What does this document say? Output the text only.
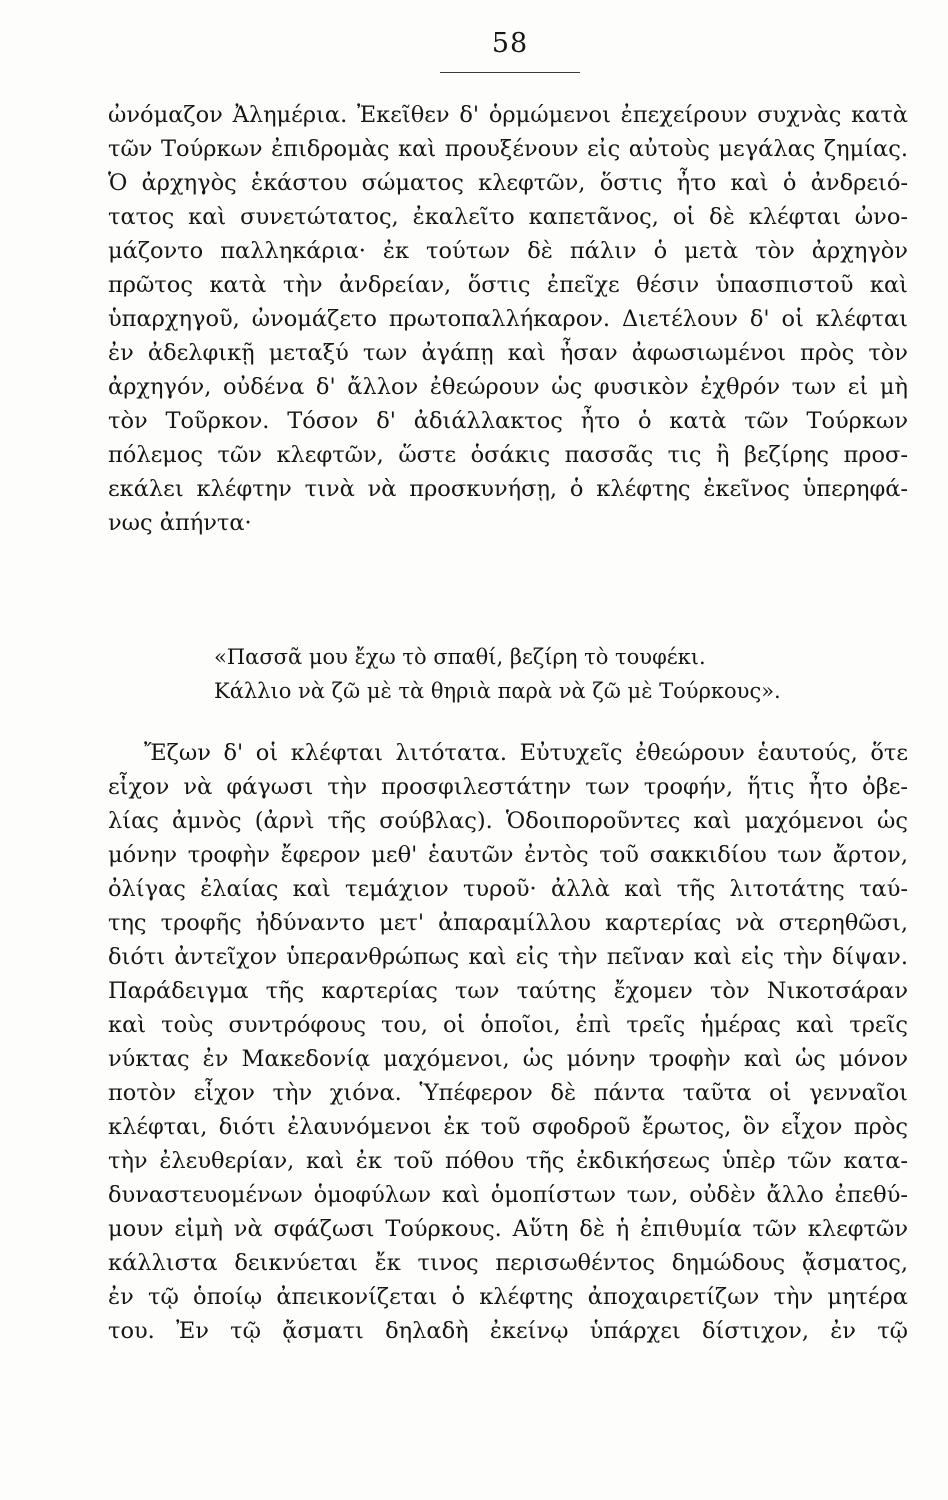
58
ὠνόμαζον Ἀλημέρια. Ἐκεῖθεν δ' ὁρμώμενοι ἐπεχείρουν συχνὰς κατὰ
τῶν Τούρκων ἐπιδρομὰς καὶ προυξένουν εἰς αὐτοὺς μεγάλας ζημίας.
Ὁ ἀρχηγὸς ἑκάστου σώματος κλεφτῶν, ὅστις ἦτο καὶ ὁ ἀνδρειό-
τατος καὶ συνετώτατος, ἐκαλεῖτο καπετᾶνος, οἱ δὲ κλέφται ὠνο-
μάζοντο παλληκάρια· ἐκ τούτων δὲ πάλιν ὁ μετὰ τὸν ἀρχηγὸν
πρῶτος κατὰ τὴν ἀνδρείαν, ὅστις ἐπεῖχε θέσιν ὑπασπιστοῦ καὶ
ὑπαρχηγοῦ, ὠνομάζετο πρωτοπαλλήκαρον. Διετέλουν δ' οἱ κλέφται
ἐν ἀδελφικῇ μεταξύ των ἀγάπῃ καὶ ἦσαν ἀφωσιωμένοι πρὸς τὸν
ἀρχηγόν, οὐδένα δ' ἄλλον ἐθεώρουν ὡς φυσικὸν ἐχθρόν των εἰ μὴ
τὸν Τοῦρκον. Τόσον δ' ἀδιάλλακτος ἦτο ὁ κατὰ τῶν Τούρκων
πόλεμος τῶν κλεφτῶν, ὥστε ὁσάκις πασσᾶς τις ἢ βεζίρης προσ-
εκάλει κλέφτην τινὰ νὰ προσκυνήσῃ, ὁ κλέφτης ἐκεῖνος ὑπερηφά-
νως ἀπήντα·
«Πασσᾶ μου ἔχω τὸ σπαθί, βεζίρη τὸ τουφέκι.
Κάλλιο νὰ ζῶ μὲ τὰ θηριὰ παρὰ νὰ ζῶ μὲ Τούρκους».
Ἔζων δ' οἱ κλέφται λιτότατα. Εὐτυχεῖς ἐθεώρουν ἑαυτούς, ὅτε
εἶχον νὰ φάγωσι τὴν προσφιλεστάτην των τροφήν, ἥτις ἦτο ὀβε-
λίας ἀμνὸς (ἀρνὶ τῆς σούβλας). Ὁδοιποροῦντες καὶ μαχόμενοι ὡς
μόνην τροφὴν ἔφερον μεθ' ἑαυτῶν ἐντὸς τοῦ σακκιδίου των ἄρτον,
ὀλίγας ἐλαίας καὶ τεμάχιον τυροῦ· ἀλλὰ καὶ τῆς λιτοτάτης ταύ-
της τροφῆς ἠδύναντο μετ' ἀπαραμίλλου καρτερίας νὰ στερηθῶσι,
διότι ἀντεῖχον ὑπερανθρώπως καὶ εἰς τὴν πεῖναν καὶ εἰς τὴν δίψαν.
Παράδειγμα τῆς καρτερίας των ταύτης ἔχομεν τὸν Νικοτσάραν
καὶ τοὺς συντρόφους του, οἱ ὁποῖοι, ἐπὶ τρεῖς ἡμέρας καὶ τρεῖς
νύκτας ἐν Μακεδονίᾳ μαχόμενοι, ὡς μόνην τροφὴν καὶ ὡς μόνον
ποτὸν εἶχον τὴν χιόνα. Ὑπέφερον δὲ πάντα ταῦτα οἱ γενναῖοι
κλέφται, διότι ἐλαυνόμενοι ἐκ τοῦ σφοδροῦ ἔρωτος, ὃν εἶχον πρὸς
τὴν ἐλευθερίαν, καὶ ἐκ τοῦ πόθου τῆς ἐκδικήσεως ὑπὲρ τῶν κατα-
δυναστευομένων ὁμοφύλων καὶ ὁμοπίστων των, οὐδὲν ἄλλο ἐπεθύ-
μουν εἰμὴ νὰ σφάζωσι Τούρκους. Αὕτη δὲ ἡ ἐπιθυμία τῶν κλεφτῶν
κάλλιστα δεικνύεται ἔκ τινος περισωθέντος δημώδους ᾄσματος,
ἐν τῷ ὁποίῳ ἀπεικονίζεται ὁ κλέφτης ἀποχαιρετίζων τὴν μητέρα
του. Ἐν τῷ ᾄσματι δηλαδὴ ἐκείνῳ ὑπάρχει δίστιχον, ἐν τῷ
